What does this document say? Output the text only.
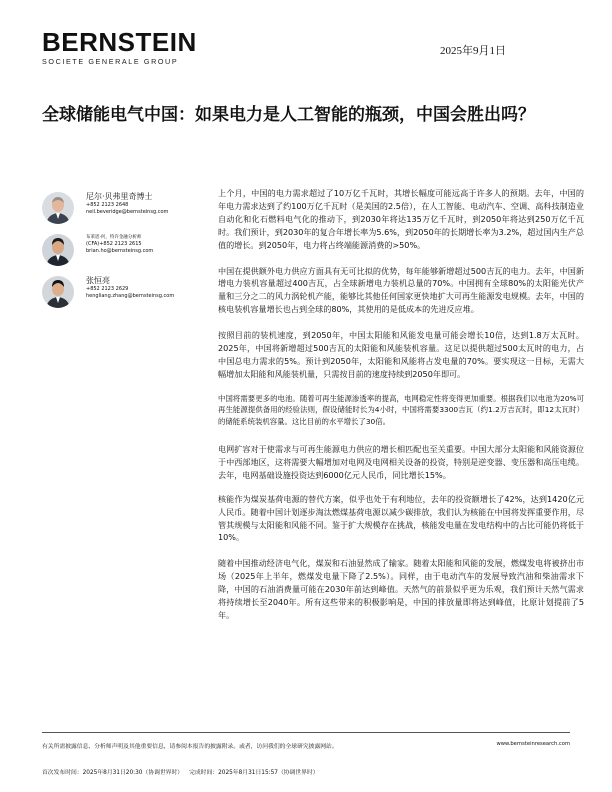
BERNSTEIN
SOCIETE GENERALE GROUP
2025年9月1日
全球储能电气中国：如果电力是人工智能的瓶颈，中国会胜出吗？
尼尔·贝弗里奇博士
+852 2123 2648
neil.beveridge@bernsteinsg.com
布莱恩·何，特许金融分析师
(CFA)+852 2123 2615
brian.ho@bernsteinsg.com
张恒亮
+852 2123 2629
hengliang.zhang@bernsteinsg.com

上个月，中国的电力需求超过了10万亿千瓦时，其增长幅度可能远高于许多人的预期。去年，中国的年电力需求达到了约100万亿千瓦时（是美国的2.5倍），在人工智能、电动汽车、空调、高科技制造业自动化和化石燃料电气化的推动下，到2030年将达135万亿千瓦时，到2050年将达到250万亿千瓦时。我们预计，到2030年的复合年增长率为5.6%，到2050年的长期增长率为3.2%，超过国内生产总值的增长。到2050年，电力将占终端能源消费的>50%。

中国在提供额外电力供应方面具有无可比拟的优势，每年能够新增超过500吉瓦的电力。去年，中国新增电力装机容量超过400吉瓦，占全球新增电力装机总量的70%。中国拥有全球80%的太阳能光伏产量和三分之二的风力涡轮机产能，能够比其他任何国家更快地扩大可再生能源发电规模。去年，中国的核电装机容量增长也占到全球的80%，其使用的是低成本的先进反应堆。

按照目前的装机速度，到2050年，中国太阳能和风能发电量可能会增长10倍，达到1.8万太瓦时。2025年，中国将新增超过500吉瓦的太阳能和风能装机容量。这足以提供超过500太瓦时的电力，占中国总电力需求的5%。预计到2050年，太阳能和风能将占发电量的70%。要实现这一目标，无需大幅增加太阳能和风能装机量，只需按目前的速度持续到2050年即可。

中国将需要更多的电池。随着可再生能源渗透率的提高，电网稳定性将变得更加重要。根据我们以电池为20%可再生能源提供备用的经验法则，假设储能时长为4小时，中国将需要3300吉瓦（约1.2万吉瓦时，即12太瓦时）的储能系统装机容量。这比目前的水平增长了30倍。

电网扩容对于使需求与可再生能源电力供应的增长相匹配也至关重要。中国大部分太阳能和风能资源位于中西部地区，这将需要大幅增加对电网及电网相关设备的投资，特别是逆变器、变压器和高压电缆。去年，电网基础设施投资达到6000亿元人民币，同比增长15%。

核能作为煤炭基荷电源的替代方案，似乎也处于有利地位，去年的投资额增长了42%，达到1420亿元人民币。随着中国计划逐步淘汰燃煤基荷电源以减少碳排放，我们认为核能在中国将发挥重要作用，尽管其规模与太阳能和风能不同。鉴于扩大规模存在挑战，核能发电量在发电结构中的占比可能仍将低于10%。

随着中国推动经济电气化，煤炭和石油显然成了输家。随着太阳能和风能的发展，燃煤发电将被挤出市场（2025年上半年，燃煤发电量下降了2.5%）。同样，由于电动汽车的发展导致汽油和柴油需求下降，中国的石油消费量可能在2030年前达到峰值。天然气的前景似乎更为乐观，我们预计天然气需求将持续增长至2040年。所有这些带来的积极影响是，中国的排放量即将达到峰值，比原计划提前了5年。

有关所需披露信息、分析师声明及其他重要信息，请参阅本报告的披露附录。或者，访问我们的全球研究披露网站。	www.bernsteinresearch.com
首次发布时间：2025年8月31日20:30（协调世界时） 完成时间：2025年8月31日15:57（协调世界时）
